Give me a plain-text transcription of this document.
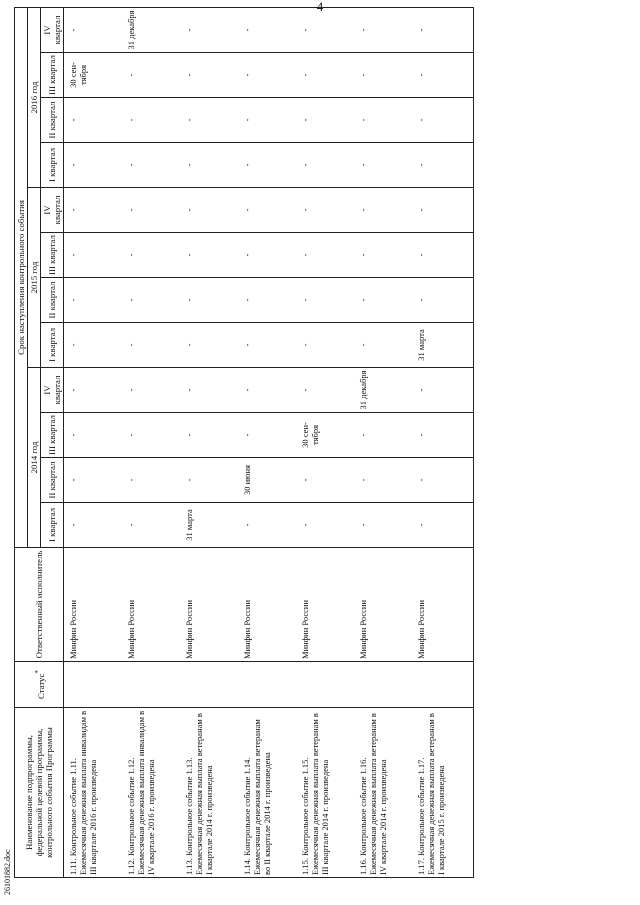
4
Наименование подпрограммы, федеральной целевой программы, контрольного события Программы	Статус*	Ответственный исполнитель	Срок наступления контрольного события											
			2014 год				2015 год				2016 год			
			I квартал	II квартал	III квартал	IV квартал	I квартал	II квартал	III квартал	IV квартал	I квартал	II квартал	III квартал	IV квартал
1.11. Контрольное событие 1.11. Ежемесячная денежная выплата инвалидам в III квартале 2016 г. произведена		Минфин России	-	-	-	-	-	-	-	-	-	-	30 сен-тября	-
1.12. Контрольное событие 1.12. Ежемесячная денежная выплата инвалидам в IV квартале 2016 г. произведена		Минфин России	-	-	-	-	-	-	-	-	-	-	-	31 декабря
1.13. Контрольное событие 1.13. Ежемесячная денежная выплата ветеранам в I квартале 2014 г. произведена		Минфин России	31 марта	-	-	-	-	-	-	-	-	-	-	-
1.14. Контрольное событие 1.14. Ежемесячная денежная выплата ветеранам во II квартале 2014 г. произведена		Минфин России	-	30 июня	-	-	-	-	-	-	-	-	-	-
1.15. Контрольное событие 1.15. Ежемесячная денежная выплата ветеранам в III квартале 2014 г. произведена		Минфин России	-	-	30 сен-тября	-	-	-	-	-	-	-	-	-
1.16. Контрольное событие 1.16. Ежемесячная денежная выплата ветеранам в IV квартале 2014 г. произведена		Минфин России	-	-	-	31 декабря	-	-	-	-	-	-	-	-
1.17. Контрольное событие 1.17. Ежемесячная денежная выплата ветеранам в I квартале 2015 г. произведена		Минфин России	-	-	-	-	31 марта	-	-	-	-	-	-	-
26101882.doc
